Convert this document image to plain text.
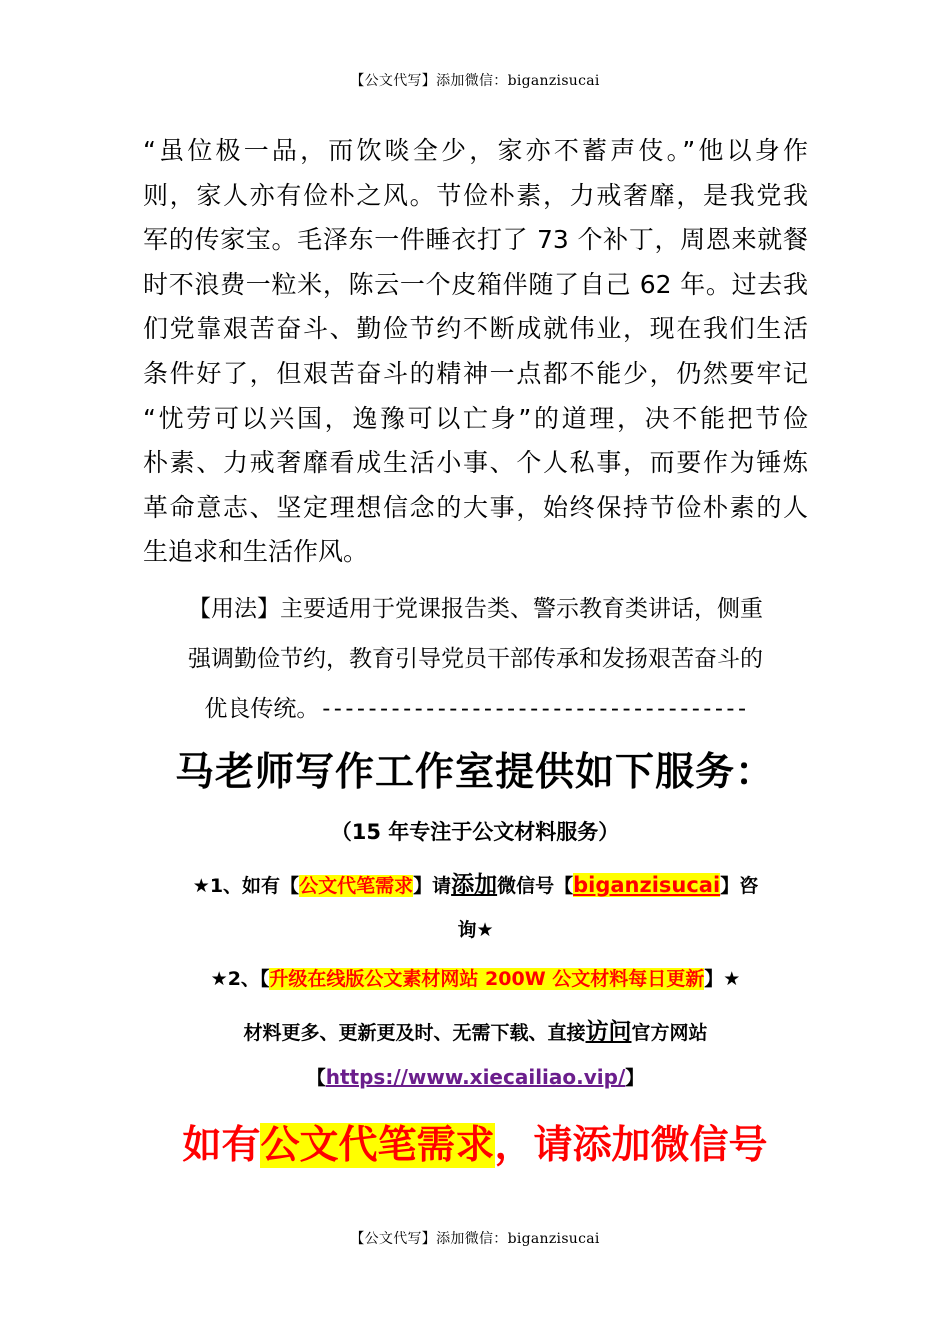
【公文代写】添加微信：biganzisucai
“虽位极一品，而饮啖全少，家亦不蓄声伎。”他以身作
则，家人亦有俭朴之风。节俭朴素，力戒奢靡，是我党我
军的传家宝。毛泽东一件睡衣打了 73 个补丁，周恩来就餐
时不浪费一粒米，陈云一个皮箱伴随了自己 62 年。过去我
们党靠艰苦奋斗、勤俭节约不断成就伟业，现在我们生活
条件好了，但艰苦奋斗的精神一点都不能少，仍然要牢记
“忧劳可以兴国，逸豫可以亡身”的道理，决不能把节俭
朴素、力戒奢靡看成生活小事、个人私事，而要作为锤炼
革命意志、坚定理想信念的大事，始终保持节俭朴素的人
生追求和生活作风。
【用法】主要适用于党课报告类、警示教育类讲话，侧重
强调勤俭节约，教育引导党员干部传承和发扬艰苦奋斗的
优良传统。-------------------------------------
马老师写作工作室提供如下服务：
（15 年专注于公文材料服务）
★1、如有【公文代笔需求】请添加微信号【biganzisucai】咨
询★
★2、【升级在线版公文素材网站 200W 公文材料每日更新】★
材料更多、更新更及时、无需下载、直接访问官方网站
【https://www.xiecailiao.vip/】
如有公文代笔需求，请添加微信号
【公文代写】添加微信：biganzisucai
